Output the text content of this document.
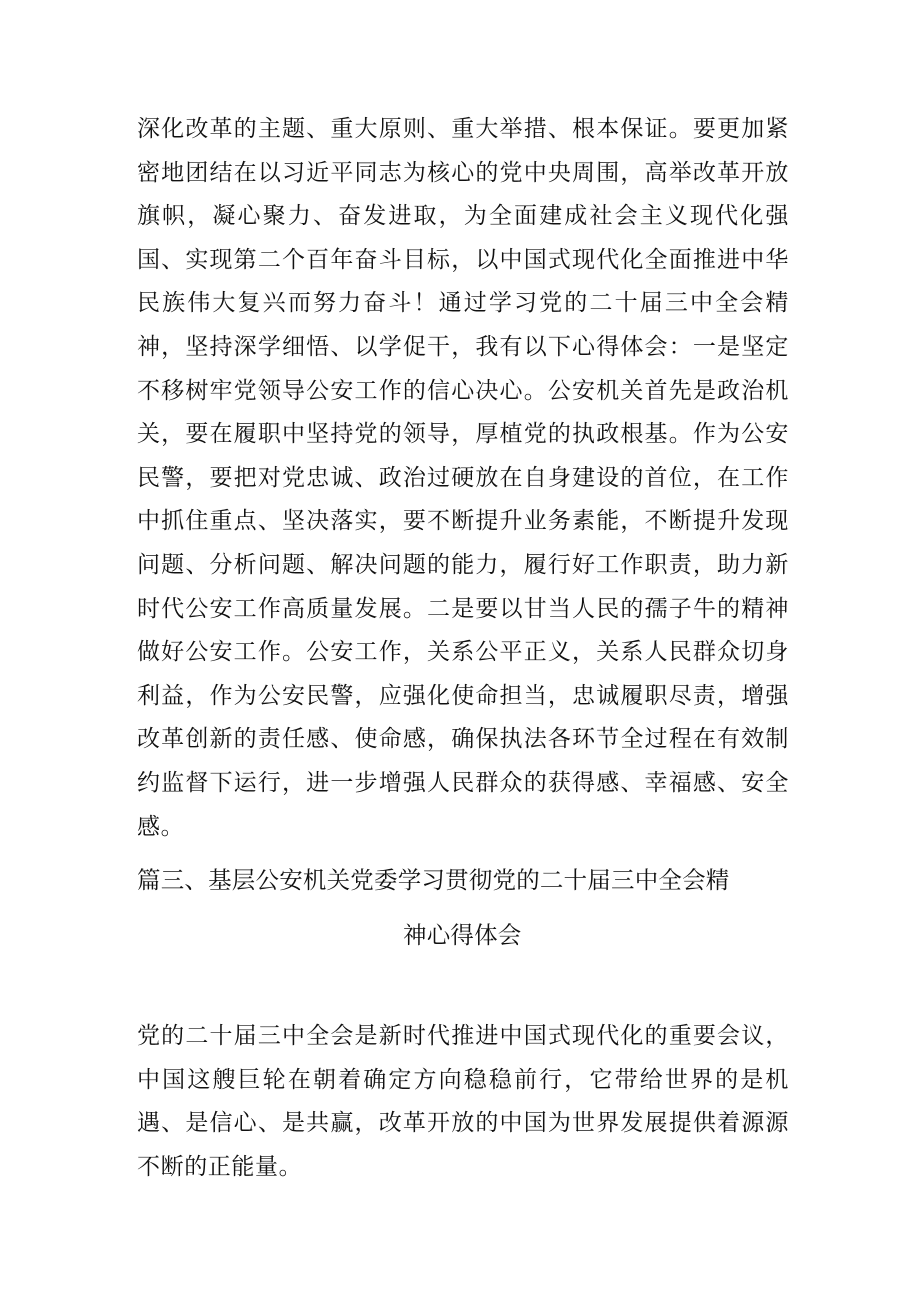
深化改革的主题、重大原则、重大举措、根本保证。要更加紧密地团结在以习近平同志为核心的党中央周围，高举改革开放旗帜，凝心聚力、奋发进取，为全面建成社会主义现代化强国、实现第二个百年奋斗目标，以中国式现代化全面推进中华民族伟大复兴而努力奋斗！通过学习党的二十届三中全会精神，坚持深学细悟、以学促干，我有以下心得体会：一是坚定不移树牢党领导公安工作的信心决心。公安机关首先是政治机关，要在履职中坚持党的领导，厚植党的执政根基。作为公安民警，要把对党忠诚、政治过硬放在自身建设的首位，在工作中抓住重点、坚决落实，要不断提升业务素能，不断提升发现问题、分析问题、解决问题的能力，履行好工作职责，助力新时代公安工作高质量发展。二是要以甘当人民的孺子牛的精神做好公安工作。公安工作，关系公平正义，关系人民群众切身利益，作为公安民警，应强化使命担当，忠诚履职尽责，增强改革创新的责任感、使命感，确保执法各环节全过程在有效制约监督下运行，进一步增强人民群众的获得感、幸福感、安全感。

篇三、基层公安机关党委学习贯彻党的二十届三中全会精
神心得体会

党的二十届三中全会是新时代推进中国式现代化的重要会议，中国这艘巨轮在朝着确定方向稳稳前行，它带给世界的是机遇、是信心、是共赢，改革开放的中国为世界发展提供着源源不断的正能量。
